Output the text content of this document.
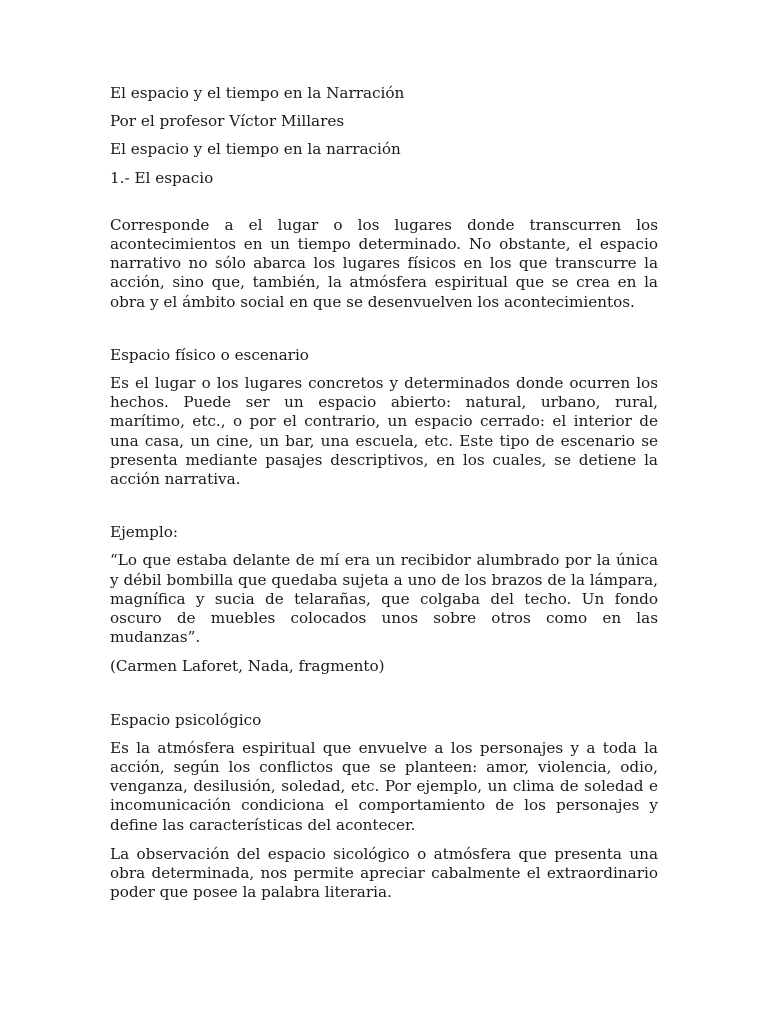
El espacio y el tiempo en la Narración
Por el profesor Víctor Millares
El espacio y el tiempo en la narración
1.- El espacio

Corresponde a el lugar o los lugares donde transcurren los acontecimientos en un tiempo determinado. No obstante, el espacio narrativo no sólo abarca los lugares físicos en los que transcurre la acción, sino que, también, la atmósfera espiritual que se crea en la obra y el ámbito social en que se desenvuelven los acontecimientos.

Espacio físico o escenario

Es el lugar o los lugares concretos y determinados donde ocurren los hechos. Puede ser un espacio abierto: natural, urbano, rural, marítimo, etc., o por el contrario, un espacio cerrado: el interior de una casa, un cine, un bar, una escuela, etc. Este tipo de escenario se presenta mediante pasajes descriptivos, en los cuales, se detiene la acción narrativa.

Ejemplo:

“Lo que estaba delante de mí era un recibidor alumbrado por la única y débil bombilla que quedaba sujeta a uno de los brazos de la lámpara, magnífica y sucia de telarañas, que colgaba del techo. Un fondo oscuro de muebles colocados unos sobre otros como en las mudanzas”.

(Carmen Laforet, Nada, fragmento)
Espacio psicológico

Es la atmósfera espiritual que envuelve a los personajes y a toda la acción, según los conflictos que se planteen: amor, violencia, odio, venganza, desilusión, soledad, etc. Por ejemplo, un clima de soledad e incomunicación condiciona el comportamiento de los personajes y define las características del acontecer.

La observación del espacio sicológico o atmósfera que presenta una obra determinada, nos permite apreciar cabalmente el extraordinario poder que posee la palabra literaria.
